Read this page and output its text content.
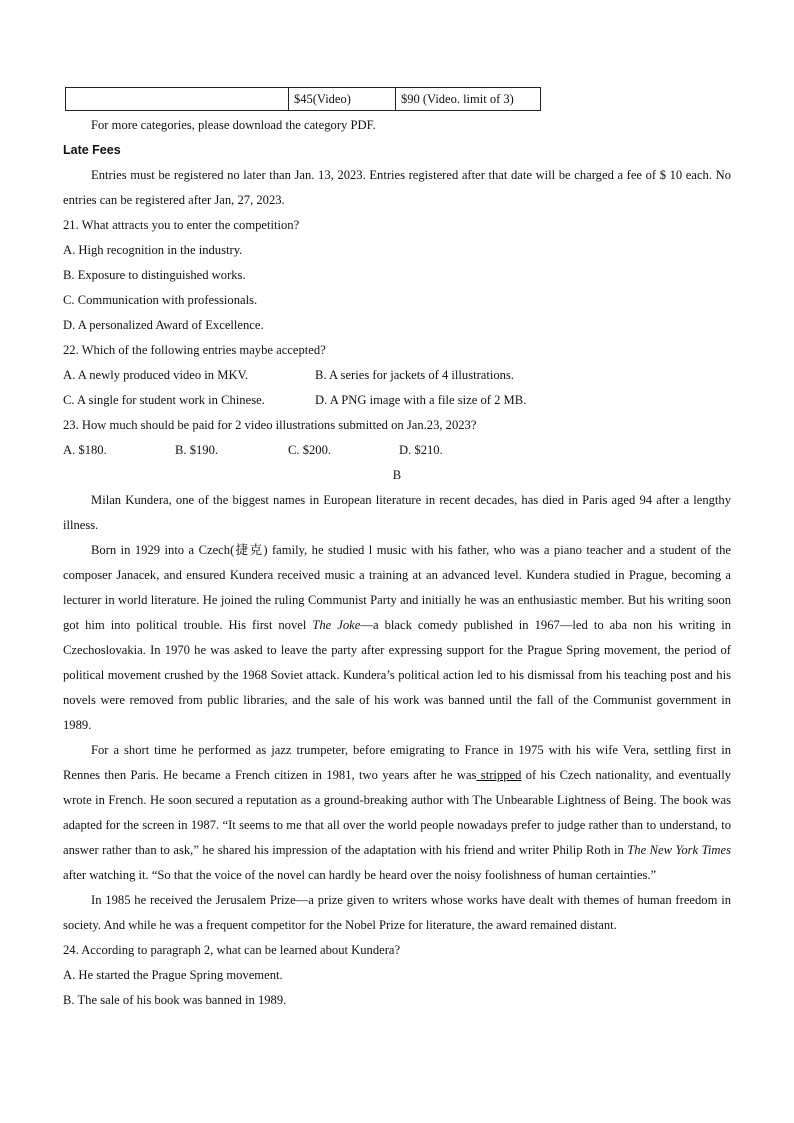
	$45(Video)	$90 (Video. limit of 3)
For more categories, please download the category PDF.
Late Fees
Entries must be registered no later than Jan. 13, 2023. Entries registered after that date will be charged a fee of $ 10 each. No entries can be registered after Jan, 27, 2023.
21. What attracts you to enter the competition?
A. High recognition in the industry.
B. Exposure to distinguished works.
C. Communication with professionals.
D. A personalized Award of Excellence.
22. Which of the following entries maybe accepted?
A. A newly produced video in MKV.	B. A series for jackets of 4 illustrations.
C. A single for student work in Chinese.	D. A PNG image with a file size of 2 MB.
23. How much should be paid for 2 video illustrations submitted on Jan.23, 2023?
A. $180.	B. $190.	C. $200.	D. $210.
B
Milan Kundera, one of the biggest names in European literature in recent decades, has died in Paris aged 94 after a lengthy illness.
Born in 1929 into a Czech(捷克) family, he studied l music with his father, who was a piano teacher and a student of the composer Janacek, and ensured Kundera received music a training at an advanced level. Kundera studied in Prague, becoming a lecturer in world literature. He joined the ruling Communist Party and initially he was an enthusiastic member. But his writing soon got him into political trouble. His first novel The Joke—a black comedy published in 1967—led to aba non his writing in Czechoslovakia. In 1970 he was asked to leave the party after expressing support for the Prague Spring movement, the period of political movement crushed by the 1968 Soviet attack. Kundera’s political action led to his dismissal from his teaching post and his novels were removed from public libraries, and the sale of his work was banned until the fall of the Communist government in 1989.
For a short time he performed as jazz trumpeter, before emigrating to France in 1975 with his wife Vera, settling first in Rennes then Paris. He became a French citizen in 1981, two years after he was stripped of his Czech nationality, and eventually wrote in French. He soon secured a reputation as a ground-breaking author with The Unbearable Lightness of Being. The book was adapted for the screen in 1987. “It seems to me that all over the world people nowadays prefer to judge rather than to understand, to answer rather than to ask,” he shared his impression of the adaptation with his friend and writer Philip Roth in The New York Times after watching it. “So that the voice of the novel can hardly be heard over the noisy foolishness of human certainties.”
In 1985 he received the Jerusalem Prize—a prize given to writers whose works have dealt with themes of human freedom in society. And while he was a frequent competitor for the Nobel Prize for literature, the award remained distant.
24. According to paragraph 2, what can be learned about Kundera?
A. He started the Prague Spring movement.
B. The sale of his book was banned in 1989.
